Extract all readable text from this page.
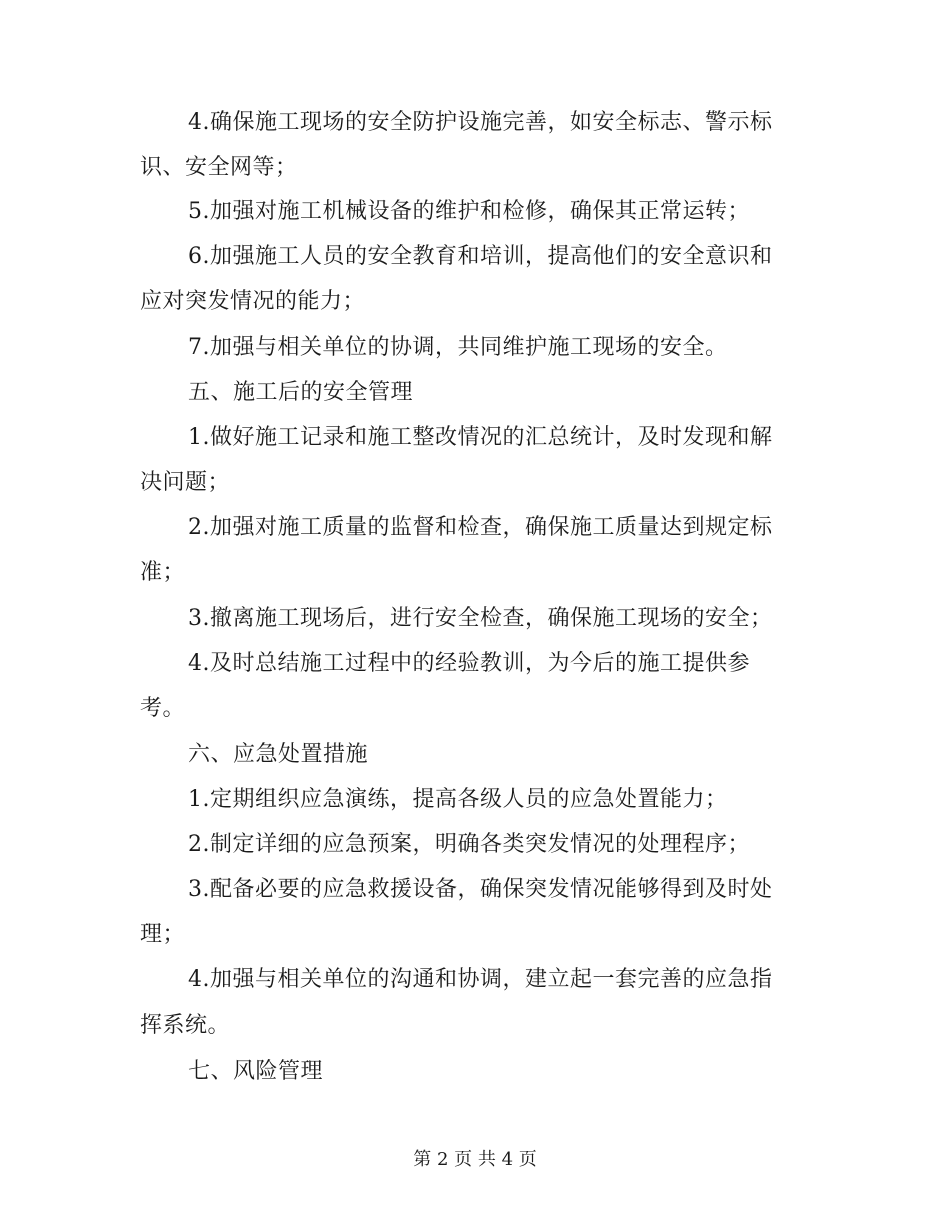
4.确保施工现场的安全防护设施完善，如安全标志、警示标
识、安全网等；
5.加强对施工机械设备的维护和检修，确保其正常运转；
6.加强施工人员的安全教育和培训，提高他们的安全意识和
应对突发情况的能力；
7.加强与相关单位的协调，共同维护施工现场的安全。
五、施工后的安全管理
1.做好施工记录和施工整改情况的汇总统计，及时发现和解
决问题；
2.加强对施工质量的监督和检查，确保施工质量达到规定标
准；
3.撤离施工现场后，进行安全检查，确保施工现场的安全；
4.及时总结施工过程中的经验教训，为今后的施工提供参
考。
六、应急处置措施
1.定期组织应急演练，提高各级人员的应急处置能力；
2.制定详细的应急预案，明确各类突发情况的处理程序；
3.配备必要的应急救援设备，确保突发情况能够得到及时处
理；
4.加强与相关单位的沟通和协调，建立起一套完善的应急指
挥系统。
七、风险管理
第 2 页 共 4 页
